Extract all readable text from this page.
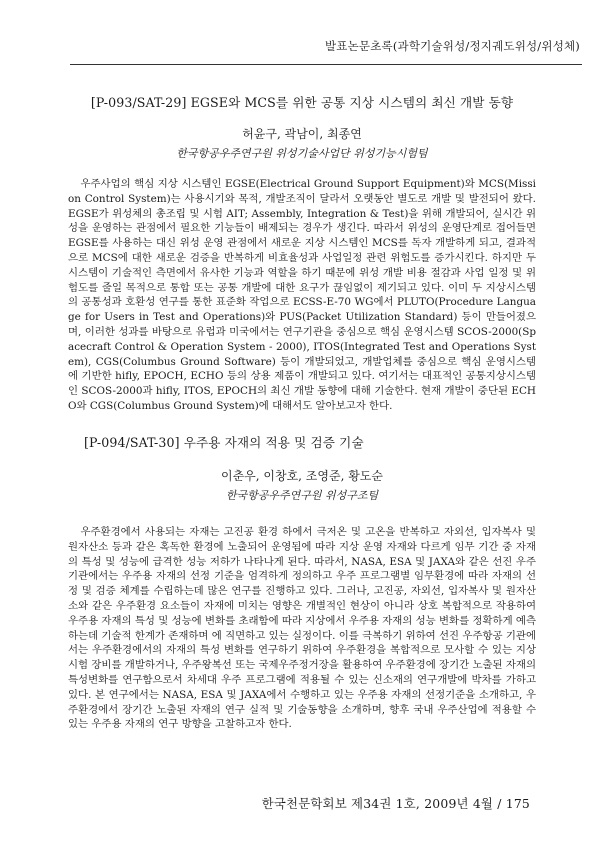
발표논문초록(과학기술위성/정지궤도위성/위성체)
[P-093/SAT-29] EGSE와 MCS를 위한 공통 지상 시스템의 최신 개발 동향
허윤구, 곽남이, 최종연
한국항공우주연구원 위성기술사업단 위성기능시험팀

우주사업의 핵심 지상 시스템인 EGSE(Electrical Ground Support Equipment)와 MCS(Mission Control System)는 사용시기와 목적, 개발조직이 달라서 오랫동안 별도로 개발 및 발전되어 왔다. EGSE가 위성체의 총조립 및 시험 AIT; Assembly, Integration & Test)을 위해 개발되어, 실시간 위성을 운영하는 관점에서 필요한 기능들이 배제되는 경우가 생긴다. 따라서 위성의 운영단계로 접어들면 EGSE를 사용하는 대신 위성 운영 관점에서 새로운 지상 시스템인 MCS를 독자 개발하게 되고, 결과적으로 MCS에 대한 새로운 검증을 반복하게 비효율성과 사업일정 관련 위험도를 증가시킨다. 하지만 두 시스템이 기술적인 측면에서 유사한 기능과 역할을 하기 때문에 위성 개발 비용 절감과 사업 일정 및 위험도를 줄일 목적으로 통합 또는 공통 개발에 대한 요구가 끊임없이 제기되고 있다. 이미 두 지상시스템의 공통성과 호환성 연구를 통한 표준화 작업으로 ECSS-E-70 WG에서 PLUTO(Procedure Language for Users in Test and Operations)와 PUS(Packet Utilization Standard) 등이 만들어졌으며, 이러한 성과를 바탕으로 유럽과 미국에서는 연구기관을 중심으로 핵심 운영시스템 SCOS-2000(Spacecraft Control & Operation System - 2000), ITOS(Integrated Test and Operations System), CGS(Columbus Ground Software) 등이 개발되었고, 개발업체를 중심으로 핵심 운영시스템에 기반한 hifly, EPOCH, ECHO 등의 상용 제품이 개발되고 있다. 여기서는 대표적인 공통지상시스템인 SCOS-2000과 hifly, ITOS, EPOCH의 최신 개발 동향에 대해 기술한다. 현재 개발이 중단된 ECHO와 CGS(Columbus Ground System)에 대해서도 알아보고자 한다.

[P-094/SAT-30] 우주용 자재의 적용 및 검증 기술
이춘우, 이창호, 조영준, 황도순
한국항공우주연구원 위성구조팀

우주환경에서 사용되는 자재는 고진공 환경 하에서 극저온 및 고온을 반복하고 자외선, 입자복사 및 원자산소 등과 같은 혹독한 환경에 노출되어 운영됨에 따라 지상 운영 자재와 다르게 임무 기간 중 자재의 특성 및 성능에 급격한 성능 저하가 나타나게 된다. 따라서, NASA, ESA 및 JAXA와 같은 선진 우주기관에서는 우주용 자재의 선정 기준을 엄격하게 정의하고 우주 프로그램별 임무환경에 따라 자재의 선정 및 검증 체계를 수립하는데 많은 연구를 진행하고 있다. 그러나, 고진공, 자외선, 입자복사 및 원자산소와 같은 우주환경 요소들이 자재에 미치는 영향은 개별적인 현상이 아니라 상호 복합적으로 작용하여 우주용 자재의 특성 및 성능에 변화를 초래함에 따라 지상에서 우주용 자재의 성능 변화를 정확하게 예측하는데 기술적 한계가 존재하며 에 직면하고 있는 실정이다. 이를 극복하기 위하여 선진 우주항공 기관에서는 우주환경에서의 자재의 특성 변화를 연구하기 위하여 우주환경을 복합적으로 모사할 수 있는 지상시험 장비를 개발하거나, 우주왕복선 또는 국제우주정거장을 활용하여 우주환경에 장기간 노출된 자재의 특성변화를 연구함으로서 차세대 우주 프로그램에 적용될 수 있는 신소재의 연구개발에 박차를 가하고 있다. 본 연구에서는 NASA, ESA 및 JAXA에서 수행하고 있는 우주용 자재의 선정기준을 소개하고, 우주환경에서 장기간 노출된 자재의 연구 실적 및 기술동향을 소개하며, 향후 국내 우주산업에 적용할 수 있는 우주용 자재의 연구 방향을 고찰하고자 한다.

한국천문학회보 제34권 1호, 2009년 4월 / 175
